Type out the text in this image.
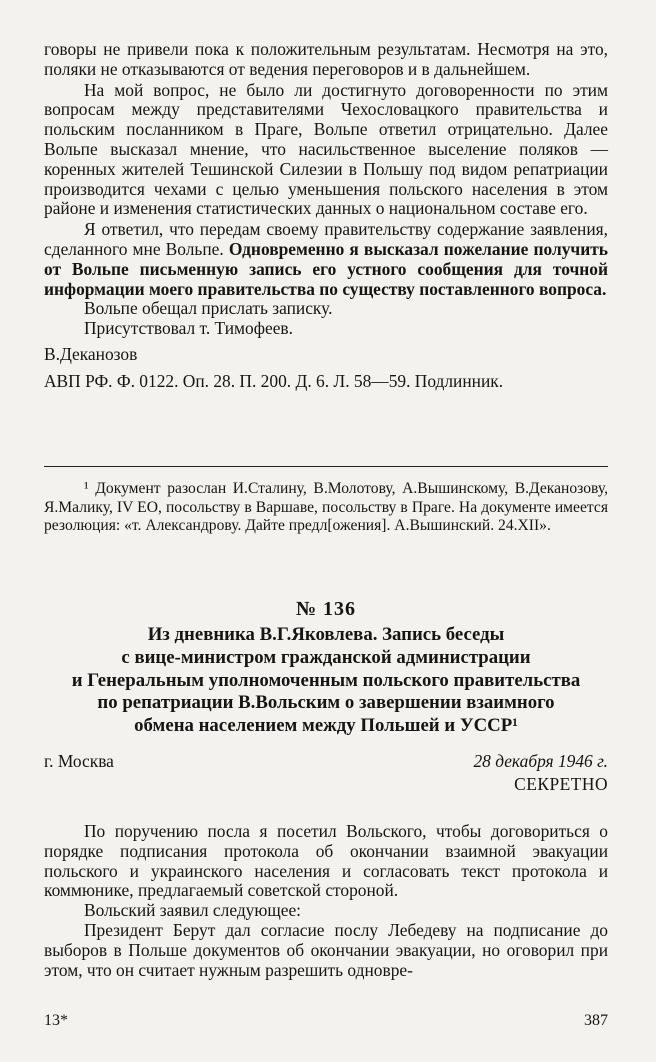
говоры не привели пока к положительным результатам. Несмотря на это, поляки не отказываются от ведения переговоров и в дальнейшем.

На мой вопрос, не было ли достигнуто договоренности по этим вопросам между представителями Чехословацкого правительства и польским посланником в Праге, Вольпе ответил отрицательно. Далее Вольпе высказал мнение, что насильственное выселение поляков — коренных жителей Тешинской Силезии в Польшу под видом репатриации производится чехами с целью уменьшения польского населения в этом районе и изменения статистических данных о национальном составе его.

Я ответил, что передам своему правительству содержание заявления, сделанного мне Вольпе. Одновременно я высказал пожелание получить от Вольпе письменную запись его устного сообщения для точной информации моего правительства по существу поставленного вопроса.

Вольпе обещал прислать записку.

Присутствовал т. Тимофеев.

В.Деканозов

АВП РФ. Ф. 0122. Оп. 28. П. 200. Д. 6. Л. 58—59. Подлинник.

¹ Документ разослан И.Сталину, В.Молотову, А.Вышинскому, В.Деканозову, Я.Малику, IV ЕО, посольству в Варшаве, посольству в Праге. На документе имеется резолюция: «т. Александрову. Дайте предл[ожения]. А.Вышинский. 24.XII».

№ 136
Из дневника В.Г.Яковлева. Запись беседы
с вице-министром гражданской администрации
и Генеральным уполномоченным польского правительства
по репатриации В.Вольским о завершении взаимного
обмена населением между Польшей и УССР¹
г. Москва	28 декабря 1946 г.
СЕКРЕТНО

По поручению посла я посетил Вольского, чтобы договориться о порядке подписания протокола об окончании взаимной эвакуации польского и украинского населения и согласовать текст протокола и коммюнике, предлагаемый советской стороной.

Вольский заявил следующее:

Президент Берут дал согласие послу Лебедеву на подписание до выборов в Польше документов об окончании эвакуации, но оговорил при этом, что он считает нужным разрешить одновре-

13*	387
